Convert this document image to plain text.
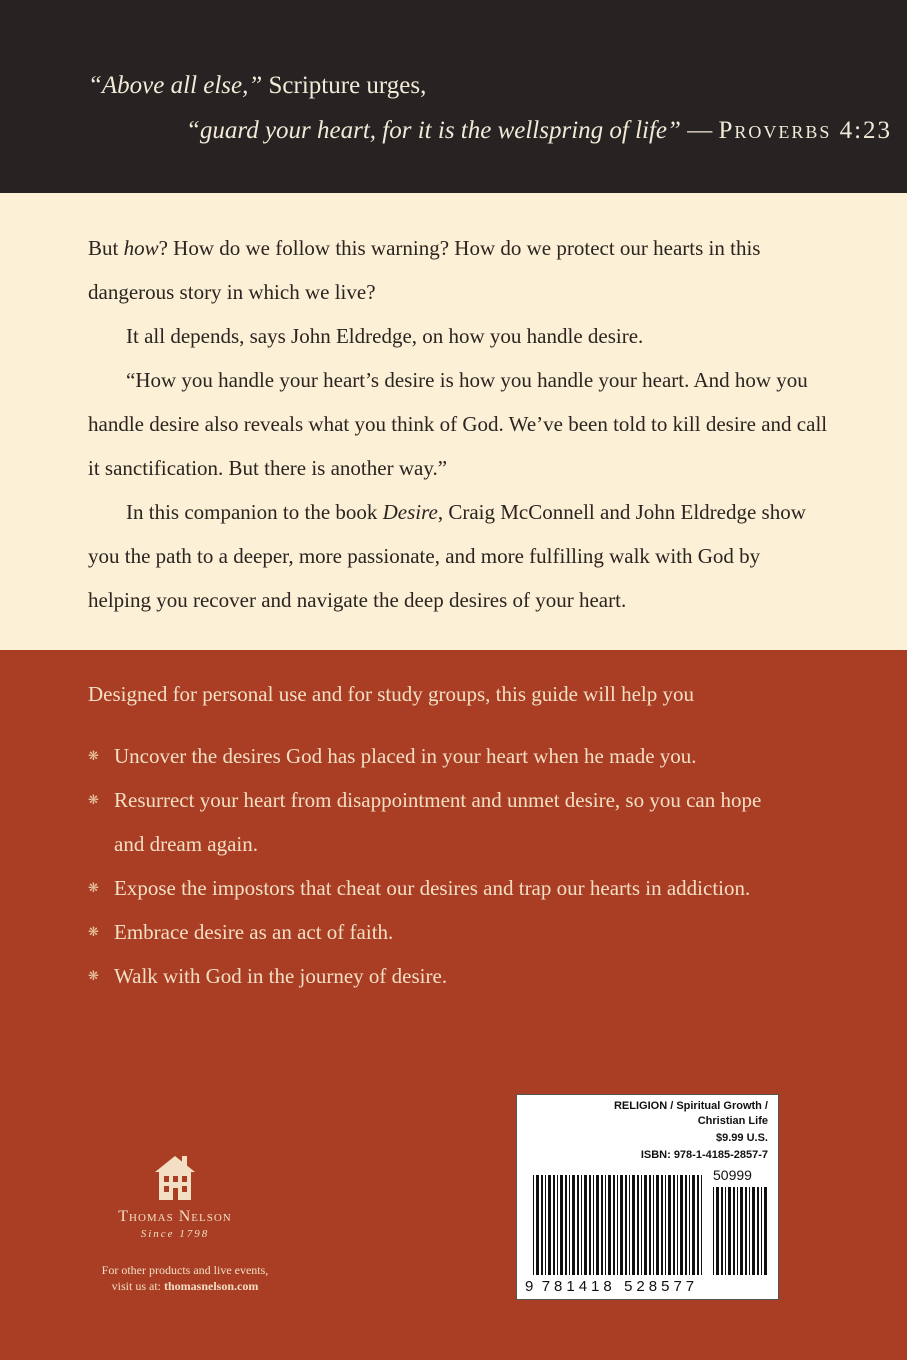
“Above all else,” Scripture urges,
“guard your heart, for it is the wellspring of life” — Proverbs 4:23

But how? How do we follow this warning? How do we protect our hearts in this dangerous story in which we live?

It all depends, says John Eldredge, on how you handle desire.

“How you handle your heart’s desire is how you handle your heart. And how you handle desire also reveals what you think of God. We’ve been told to kill desire and call it sanctification. But there is another way.”

In this companion to the book Desire, Craig McConnell and John Eldredge show you the path to a deeper, more passionate, and more fulfilling walk with God by helping you recover and navigate the deep desires of your heart.

Designed for personal use and for study groups, this guide will help you
❋ Uncover the desires God has placed in your heart when he made you.
❋ Resurrect your heart from disappointment and unmet desire, so you can hope and dream again.
❋ Expose the impostors that cheat our desires and trap our hearts in addiction.
❋ Embrace desire as an act of faith.
❋ Walk with God in the journey of desire.
Thomas Nelson
Since 1798
For other products and live events,
visit us at: thomasnelson.com
RELIGION / Spiritual Growth /
Christian Life
$9.99 U.S.
ISBN: 978-1-4185-2857-7
50999
9 781418 528577
